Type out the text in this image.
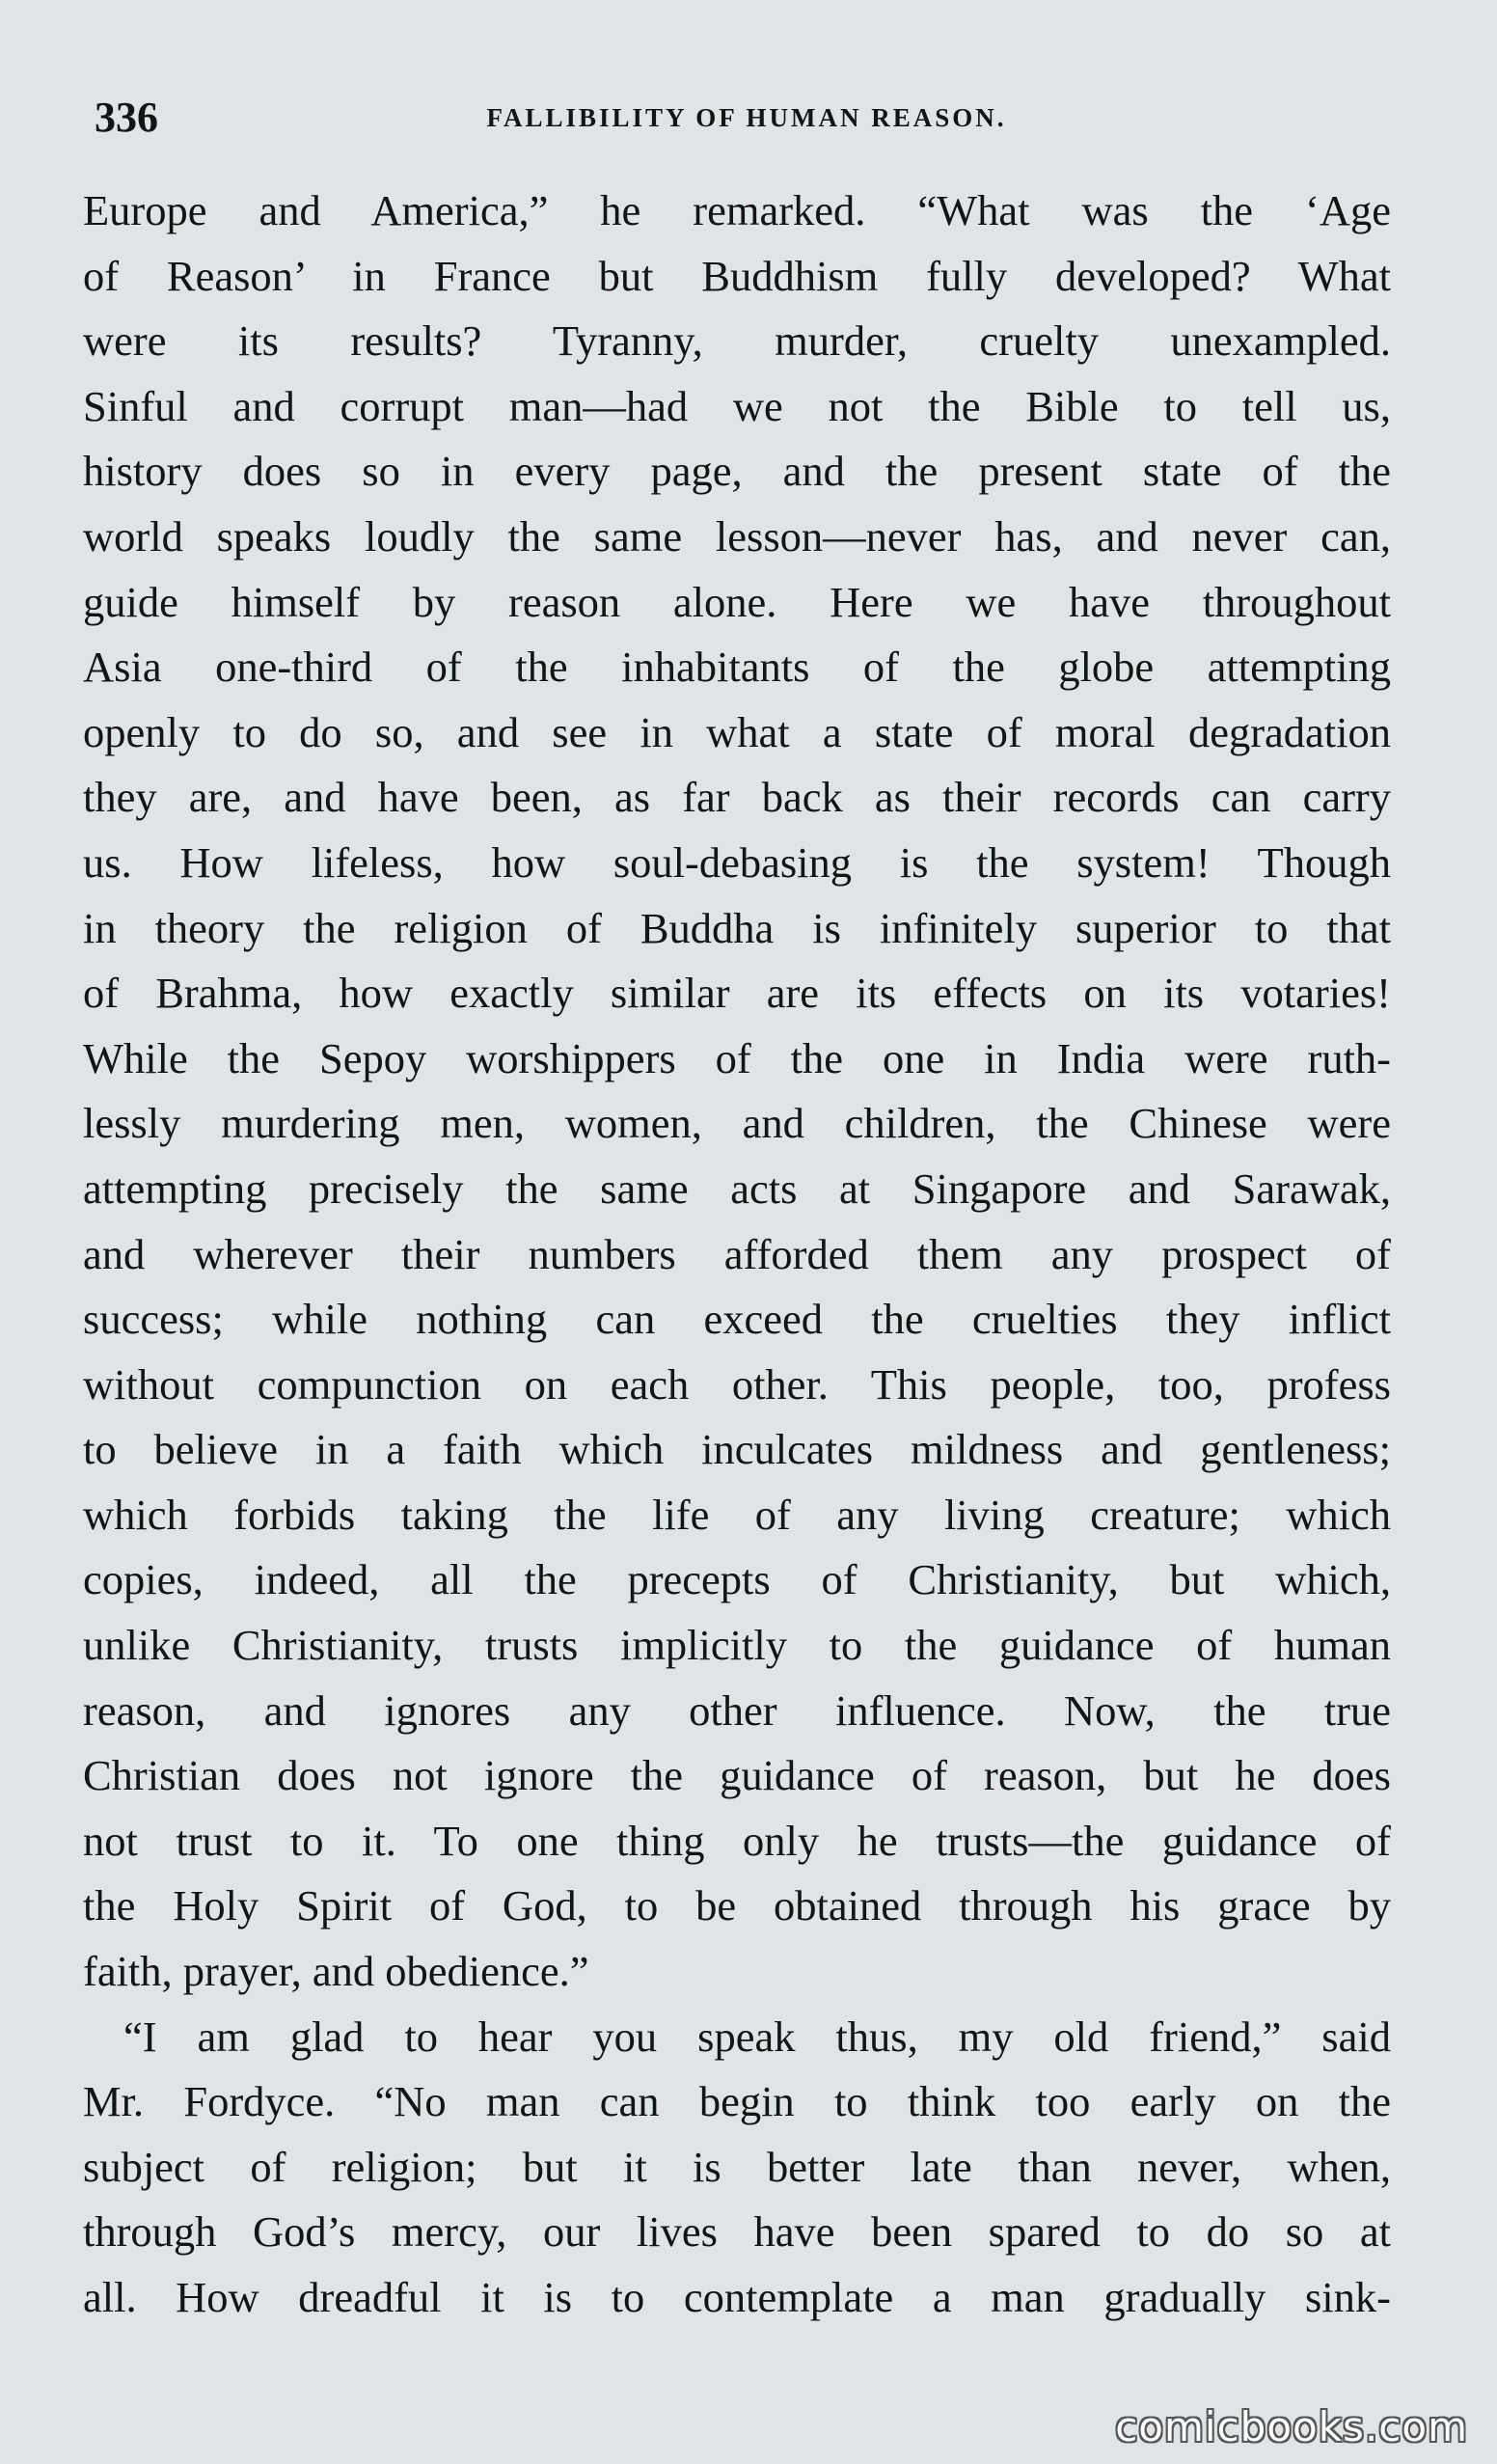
336	FALLIBILITY OF HUMAN REASON.

Europe and America,” he remarked. “What was the ‘Age
of Reason’ in France but Buddhism fully developed? What
were its results? Tyranny, murder, cruelty unexampled.
Sinful and corrupt man—had we not the Bible to tell us,
history does so in every page, and the present state of the
world speaks loudly the same lesson—never has, and never can,
guide himself by reason alone. Here we have throughout
Asia one-third of the inhabitants of the globe attempting
openly to do so, and see in what a state of moral degradation
they are, and have been, as far back as their records can carry
us. How lifeless, how soul-debasing is the system! Though
in theory the religion of Buddha is infinitely superior to that
of Brahma, how exactly similar are its effects on its votaries!
While the Sepoy worshippers of the one in India were ruth-
lessly murdering men, women, and children, the Chinese were
attempting precisely the same acts at Singapore and Sarawak,
and wherever their numbers afforded them any prospect of
success; while nothing can exceed the cruelties they inflict
without compunction on each other. This people, too, profess
to believe in a faith which inculcates mildness and gentleness;
which forbids taking the life of any living creature; which
copies, indeed, all the precepts of Christianity, but which,
unlike Christianity, trusts implicitly to the guidance of human
reason, and ignores any other influence. Now, the true
Christian does not ignore the guidance of reason, but he does
not trust to it. To one thing only he trusts—the guidance of
the Holy Spirit of God, to be obtained through his grace by
faith, prayer, and obedience.”

“I am glad to hear you speak thus, my old friend,” said
Mr. Fordyce. “No man can begin to think too early on the
subject of religion; but it is better late than never, when,
through God’s mercy, our lives have been spared to do so at
all. How dreadful it is to contemplate a man gradually sink-

comicbooks.com
